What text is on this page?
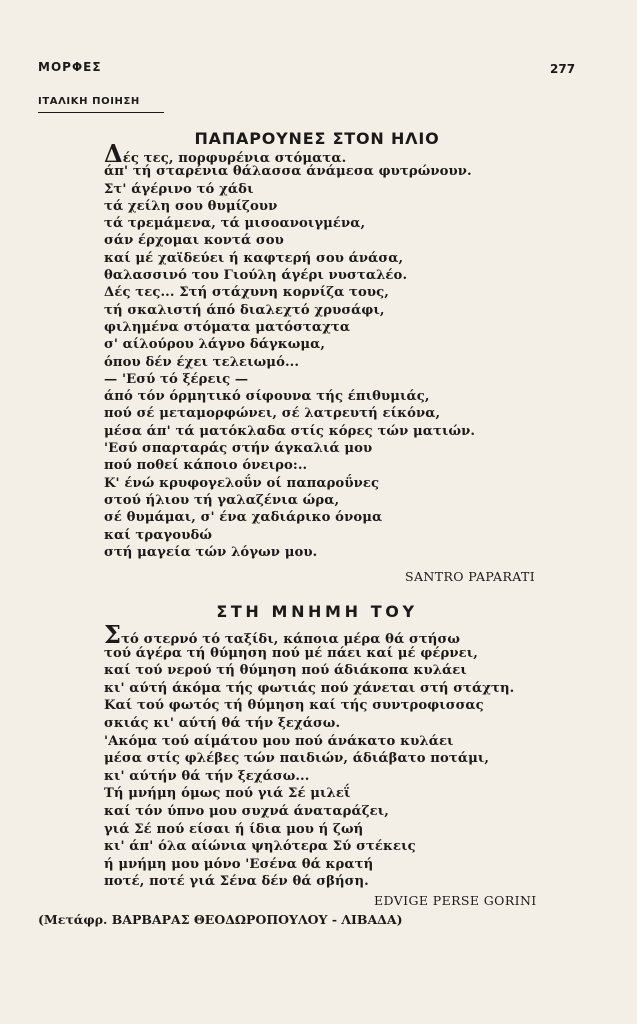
ΜΟΡΦΕΣ	277
ΙΤΑΛΙΚΗ ΠΟΙΗΣΗ
ΠΑΠΑΡΟΥΝΕΣ ΣΤΟΝ ΗΛΙΟ
Δές τες, πορφυρένια στόματα.
άπ' τή σταρένια θάλασσα άνάμεσα φυτρώνουν.
Στ' άγέρινο τό χάδι
τά χείλη σου θυμίζουν
τά τρεμάμενα, τά μισοανοιγμένα,
σάν έρχομαι κοντά σου
καί μέ χαϊδεύει ή καφτερή σου άνάσα,
θαλασσινό του Γιούλη άγέρι νυσταλέο.
Δές τες... Στή στάχυνη κορνίζα τους,
τή σκαλιστή άπό διαλεχτό χρυσάφι,
φιλημένα στόματα ματόσταχτα
σ' αίλούρου λάγνο δάγκωμα,
όπου δέν έχει τελειωμό...
— 'Εσύ τό ξέρεις —
άπό τόν όρμητικό σίφουνα τής έπιθυμιάς,
πού σέ μεταμορφώνει, σέ λατρευτή είκόνα,
μέσα άπ' τά ματόκλαδα στίς κόρες τών ματιών.
'Εσύ σπαρταράς στήν άγκαλιά μου
πού ποθεί κάποιο όνειρο:..
Κ' ένώ κρυφογελοΰν οί παπαροΰνες
στού ήλιου τή γαλαζένια ώρα,
σέ θυμάμαι, σ' ένα χαδιάρικο όνομα
καί τραγουδώ
στή μαγεία τών λόγων μου.
SANTRO PAPARATI
ΣΤΗ ΜΝΗΜΗ ΤΟΥ
Στό στερνό τό ταξίδι, κάποια μέρα θά στήσω
τού άγέρα τή θύμηση πού μέ πάει καί μέ φέρνει,
καί τού νερού τή θύμηση πού άδιάκοπα κυλάει
κι' αύτή άκόμα τής φωτιάς πού χάνεται στή στάχτη.
Καί τού φωτός τή θύμηση καί τής συντροφισσας
σκιάς κι' αύτή θά τήν ξεχάσω.
'Ακόμα τού αίμάτου μου πού άνάκατο κυλάει
μέσα στίς φλέβες τών παιδιών, άδιάβατο ποτάμι,
κι' αύτήν θά τήν ξεχάσω...
Τή μνήμη όμως πού γιά Σέ μιλεΐ
καί τόν ύπνο μου συχνά άναταράζει,
γιά Σέ πού είσαι ή ίδια μου ή ζωή
κι' άπ' όλα αίώνια ψηλότερα Σύ στέκεις
ή μνήμη μου μόνο 'Εσένα θά κρατή
ποτέ, ποτέ γιά Σένα δέν θά σβήση.
EDVIGE PERSE GORINI
(Μετάφρ. ΒΑΡΒΑΡΑΣ ΘΕΟΔΩΡΟΠΟΥΛΟΥ - ΛΙΒΑΔΑ)
